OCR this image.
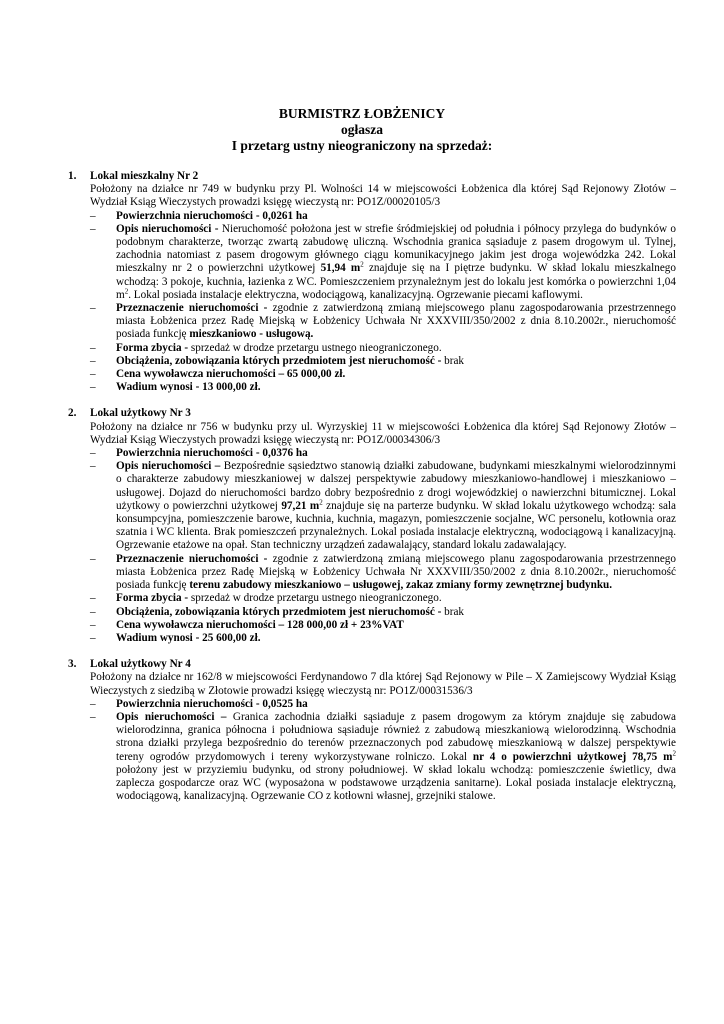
BURMISTRZ ŁOBŻENICY
ogłasza
I przetarg ustny nieograniczony na sprzedaż:
1.	Lokal mieszkalny Nr 2
Położony na działce nr 749 w budynku przy Pl. Wolności 14 w miejscowości Łobżenica dla której Sąd Rejonowy Złotów – Wydział Ksiąg Wieczystych prowadzi księgę wieczystą nr: PO1Z/00020105/3
–	Powierzchnia nieruchomości - 0,0261 ha
–	Opis nieruchomości - Nieruchomość położona jest w strefie śródmiejskiej od południa i północy przylega do budynków o podobnym charakterze, tworząc zwartą zabudowę uliczną. Wschodnia granica sąsiaduje z pasem drogowym ul. Tylnej, zachodnia natomiast z pasem drogowym głównego ciągu komunikacyjnego jakim jest droga wojewódzka 242. Lokal mieszkalny nr 2 o powierzchni użytkowej 51,94 $m^2$ znajduje się na I piętrze budynku. W skład lokalu mieszkalnego wchodzą: 3 pokoje, kuchnia, łazienka z WC. Pomieszczeniem przynależnym jest do lokalu jest komórka o powierzchni 1,04 $m^2$. Lokal posiada instalacje elektryczna, wodociągową, kanalizacyjną. Ogrzewanie piecami kaflowymi.
–	Przeznaczenie nieruchomości - zgodnie z zatwierdzoną zmianą miejscowego planu zagospodarowania przestrzennego miasta Łobżenica przez Radę Miejską w Łobżenicy Uchwała Nr XXXVIII/350/2002 z dnia 8.10.2002r., nieruchomość posiada funkcję mieszkaniowo - usługową.
–	Forma zbycia - sprzedaż w drodze przetargu ustnego nieograniczonego.
–	Obciążenia, zobowiązania których przedmiotem jest nieruchomość - brak
–	Cena wywoławcza nieruchomości – 65 000,00 zł.
–	Wadium wynosi - 13 000,00 zł.
2.	Lokal użytkowy Nr 3
Położony na działce nr 756 w budynku przy ul. Wyrzyskiej 11 w miejscowości Łobżenica dla której Sąd Rejonowy Złotów – Wydział Ksiąg Wieczystych prowadzi księgę wieczystą nr: PO1Z/00034306/3
–	Powierzchnia nieruchomości - 0,0376 ha
–	Opis nieruchomości – Bezpośrednie sąsiedztwo stanowią działki zabudowane, budynkami mieszkalnymi wielorodzinnymi o charakterze zabudowy mieszkaniowej w dalszej perspektywie zabudowy mieszkaniowo-handlowej i mieszkaniowo – usługowej. Dojazd do nieruchomości bardzo dobry bezpośrednio z drogi wojewódzkiej o nawierzchni bitumicznej. Lokal użytkowy o powierzchni użytkowej 97,21 $m^2$ znajduje się na parterze budynku. W skład lokalu użytkowego wchodzą: sala konsumpcyjna, pomieszczenie barowe, kuchnia, kuchnia, magazyn, pomieszczenie socjalne, WC personelu, kotłownia oraz szatnia i WC klienta. Brak pomieszczeń przynależnych. Lokal posiada instalacje elektryczną, wodociągową i kanalizacyjną. Ogrzewanie etażowe na opał. Stan techniczny urządzeń zadawalający, standard lokalu zadawalający.
–	Przeznaczenie nieruchomości - zgodnie z zatwierdzoną zmianą miejscowego planu zagospodarowania przestrzennego miasta Łobżenica przez Radę Miejską w Łobżenicy Uchwała Nr XXXVIII/350/2002 z dnia 8.10.2002r., nieruchomość posiada funkcję terenu zabudowy mieszkaniowo – usługowej, zakaz zmiany formy zewnętrznej budynku.
–	Forma zbycia - sprzedaż w drodze przetargu ustnego nieograniczonego.
–	Obciążenia, zobowiązania których przedmiotem jest nieruchomość - brak
–	Cena wywoławcza nieruchomości – 128 000,00 zł + 23%VAT
–	Wadium wynosi - 25 600,00 zł.
3.	Lokal użytkowy Nr 4
Położony na działce nr 162/8 w miejscowości Ferdynandowo 7 dla której Sąd Rejonowy w Pile – X Zamiejscowy Wydział Ksiąg Wieczystych z siedzibą w Złotowie prowadzi księgę wieczystą nr: PO1Z/00031536/3
–	Powierzchnia nieruchomości - 0,0525 ha
–	Opis nieruchomości – Granica zachodnia działki sąsiaduje z pasem drogowym za którym znajduje się zabudowa wielorodzinna, granica północna i południowa sąsiaduje również z zabudową mieszkaniową wielorodzinną. Wschodnia strona działki przylega bezpośrednio do terenów przeznaczonych pod zabudowę mieszkaniową w dalszej perspektywie tereny ogrodów przydomowych i tereny wykorzystywane rolniczo. Lokal nr 4 o powierzchni użytkowej 78,75 $m^2$ położony jest w przyziemiu budynku, od strony południowej. W skład lokalu wchodzą: pomieszczenie świetlicy, dwa zaplecza gospodarcze oraz WC (wyposażona w podstawowe urządzenia sanitarne). Lokal posiada instalacje elektryczną, wodociągową, kanalizacyjną. Ogrzewanie CO z kotłowni własnej, grzejniki stalowe.
